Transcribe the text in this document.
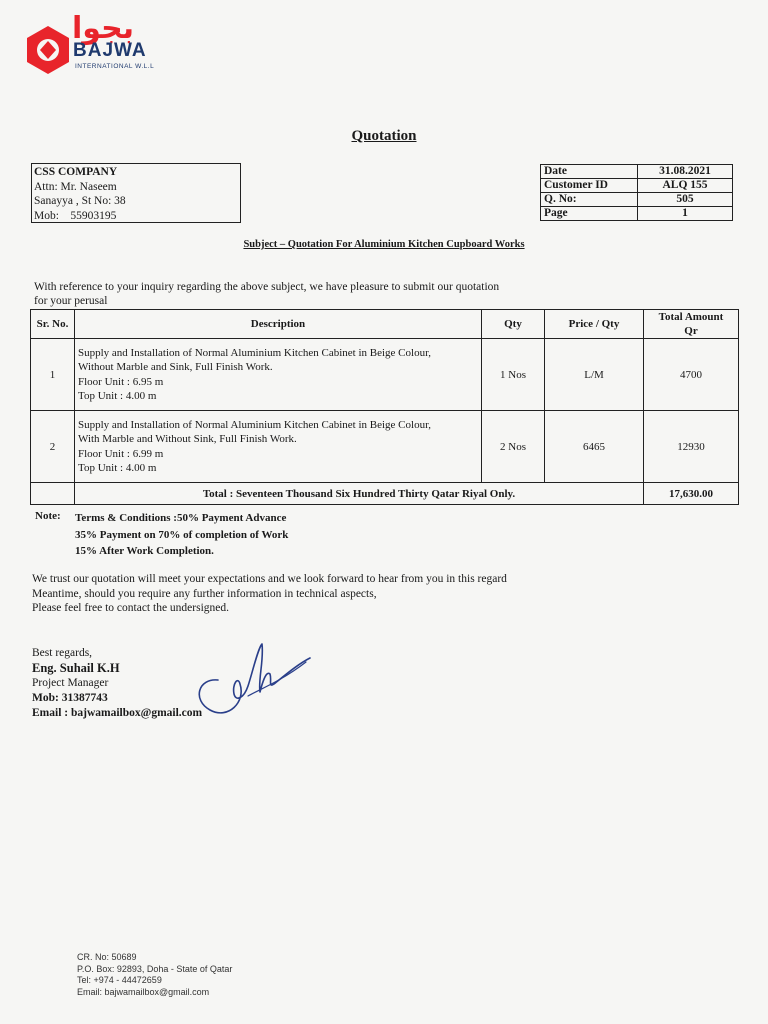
بجوا
BAJWA
INTERNATIONAL W.L.L
Quotation
CSS COMPANY
Attn: Mr. Naseem
Sanayya , St No: 38
Mob: 55903195
Date	31.08.2021
Customer ID	ALQ 155
Q. No:	505
Page	1
Subject – Quotation For Aluminium Kitchen Cupboard Works
With reference to your inquiry regarding the above subject, we have pleasure to submit our quotation for your perusal
Sr. No.	Description	Qty	Price / Qty	Total Amount
Qr
1	Supply and Installation of Normal Aluminium Kitchen Cabinet in Beige Colour,
Without Marble and Sink, Full Finish Work.
Floor Unit : 6.95 m
Top Unit : 4.00 m	1 Nos	L/M	4700
2	Supply and Installation of Normal Aluminium Kitchen Cabinet in Beige Colour,
With Marble and Without Sink, Full Finish Work.
Floor Unit : 6.99 m
Top Unit : 4.00 m	2 Nos	6465	12930
	Total : Seventeen Thousand Six Hundred Thirty Qatar Riyal Only.			17,630.00
Note: Terms & Conditions :50% Payment Advance
35% Payment on 70% of completion of Work
15% After Work Completion.
We trust our quotation will meet your expectations and we look forward to hear from you in this regard
Meantime, should you require any further information in technical aspects,
Please feel free to contact the undersigned.
Best regards,
Eng. Suhail K.H
Project Manager
Mob: 31387743
Email : bajwamailbox@gmail.com
CR. No: 50689
P.O. Box: 92893, Doha - State of Qatar
Tel: +974 - 44472659
Email: bajwamailbox@gmail.com
